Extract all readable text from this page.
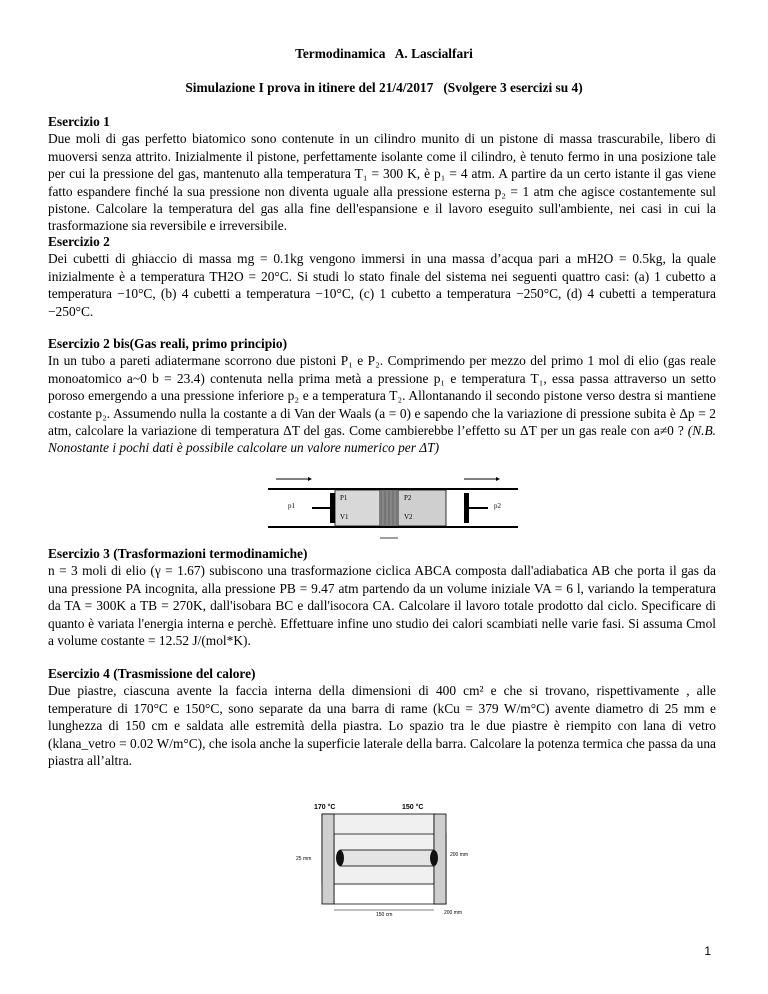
Termodinamica   A. Lascialfari
Simulazione I prova in itinere del 21/4/2017   (Svolgere 3 esercizi su 4)
Esercizio 1

Due moli di gas perfetto biatomico sono contenute in un cilindro munito di un pistone di massa trascurabile, libero di muoversi senza attrito. Inizialmente il pistone, perfettamente isolante come il cilindro, è tenuto fermo in una posizione tale per cui la pressione del gas, mantenuto alla temperatura T₁ = 300 K, è p₁ = 4 atm. A partire da un certo istante il gas viene fatto espandere finché la sua pressione non diventa uguale alla pressione esterna p₂ = 1 atm che agisce costantemente sul pistone. Calcolare la temperatura del gas alla fine dell'espansione e il lavoro eseguito sull'ambiente, nei casi in cui la trasformazione sia reversibile e irreversibile.

Esercizio 2

Dei cubetti di ghiaccio di massa mg = 0.1kg vengono immersi in una massa d’acqua pari a mH2O = 0.5kg, la quale inizialmente è a temperatura TH2O = 20°C. Si studi lo stato finale del sistema nei seguenti quattro casi: (a) 1 cubetto a temperatura −10°C, (b) 4 cubetti a temperatura −10°C, (c) 1 cubetto a temperatura −250°C, (d) 4 cubetti a temperatura −250°C.

Esercizio 2 bis(Gas reali, primo principio)

In un tubo a pareti adiatermane scorrono due pistoni P₁ e P₂. Comprimendo per mezzo del primo 1 mol di elio (gas reale monoatomico a~0 b = 23.4) contenuta nella prima metà a pressione p₁ e temperatura T₁, essa passa attraverso un setto poroso emergendo a una pressione inferiore p₂ e a temperatura T₂. Allontanando il secondo pistone verso destra si mantiene costante p₂. Assumendo nulla la costante a di Van der Waals (a = 0) e sapendo che la variazione di pressione subita è Δp = 2 atm, calcolare la variazione di temperatura ΔT del gas. Come cambierebbe l’effetto su ΔT per un gas reale con a≠0 ? (N.B. Nonostante i pochi dati è possibile calcolare un valore numerico per ΔT)

P1
V1
P2
V2
p1	p2
Esercizio 3 (Trasformazioni termodinamiche)

n = 3 moli di elio (γ = 1.67) subiscono una trasformazione ciclica ABCA composta dall'adiabatica AB che porta il gas da una pressione PA incognita, alla pressione PB = 9.47 atm partendo da un volume iniziale VA = 6 l, variando la temperatura da TA = 300K a TB = 270K, dall'isobara BC e dall'isocora CA. Calcolare il lavoro totale prodotto dal ciclo. Specificare di quanto è variata l'energia interna e perchè. Effettuare infine uno studio dei calori scambiati nelle varie fasi. Si assuma Cmol a volume costante = 12.52 J/(mol*K).

Esercizio 4 (Trasmissione del calore)

Due piastre, ciascuna avente la faccia interna della dimensioni di 400 cm² e che si trovano, rispettivamente , alle temperature di 170°C e 150°C, sono separate da una barra di rame (kCu = 379 W/m°C) avente diametro di 25 mm e lunghezza di 150 cm e saldata alle estremità della piastra. Lo spazio tra le due piastre è riempito con lana di vetro (klana_vetro = 0.02 W/m°C), che isola anche la superficie laterale della barra. Calcolare la potenza termica che passa da una piastra all’altra.

170 °C	150 °C
200 mm
25 mm
200 mm
150 cm
1
